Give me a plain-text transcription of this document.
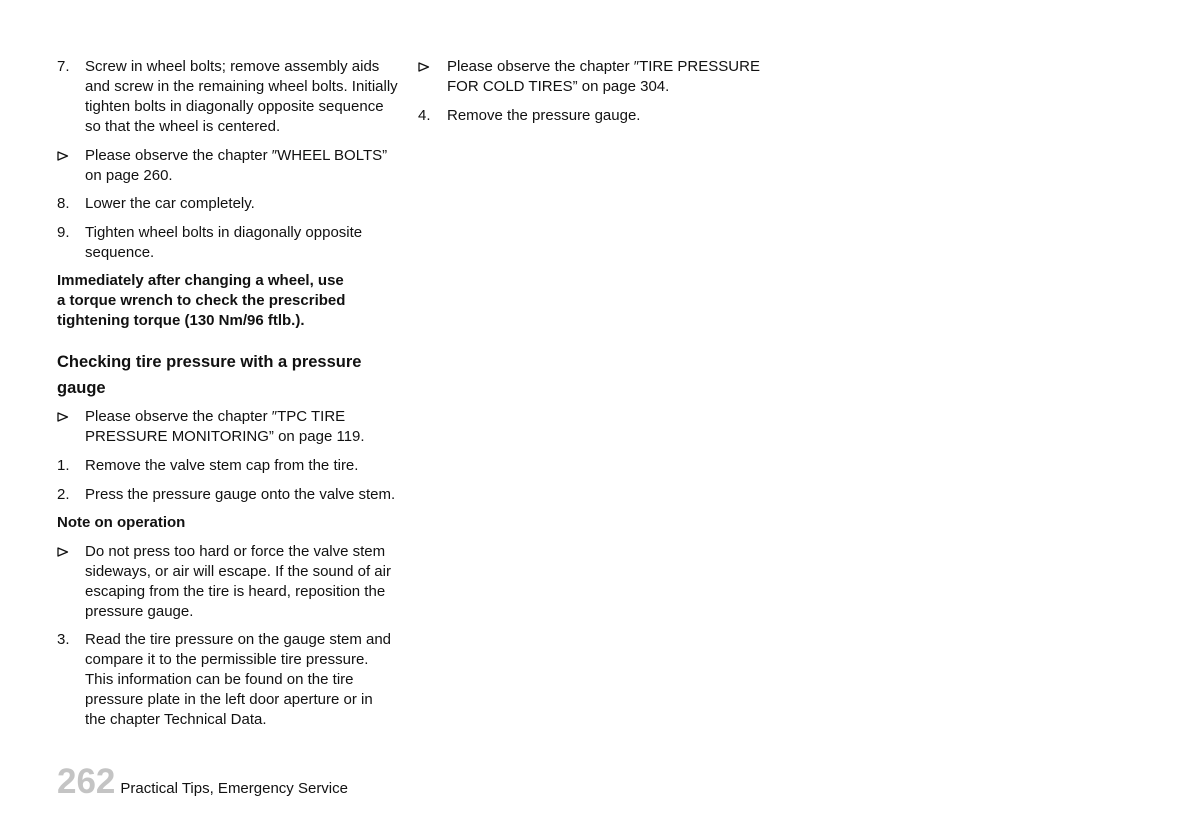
7.	Screw in wheel bolts; remove assembly aids
and screw in the remaining wheel bolts. Initially
tighten bolts in diagonally opposite sequence
so that the wheel is centered.
Please observe the chapter ″WHEEL BOLTS”
on page 260.
8.	Lower the car completely.
9.	Tighten wheel bolts in diagonally opposite
sequence.
Immediately after changing a wheel, use
a torque wrench to check the prescribed
tightening torque (130 Nm/96 ftlb.).
Checking tire pressure with a pressure
gauge
Please observe the chapter ″TPC TIRE
PRESSURE MONITORING” on page 119.
1.	Remove the valve stem cap from the tire.
2.	Press the pressure gauge onto the valve stem.
Note on operation
Do not press too hard or force the valve stem
sideways, or air will escape. If the sound of air
escaping from the tire is heard, reposition the
pressure gauge.
3.	Read the tire pressure on the gauge stem and
compare it to the permissible tire pressure.
This information can be found on the tire
pressure plate in the left door aperture or in
the chapter Technical Data.
Please observe the chapter ″TIRE PRESSURE
FOR COLD TIRES” on page 304.
4.	Remove the pressure gauge.
262 Practical Tips, Emergency Service
